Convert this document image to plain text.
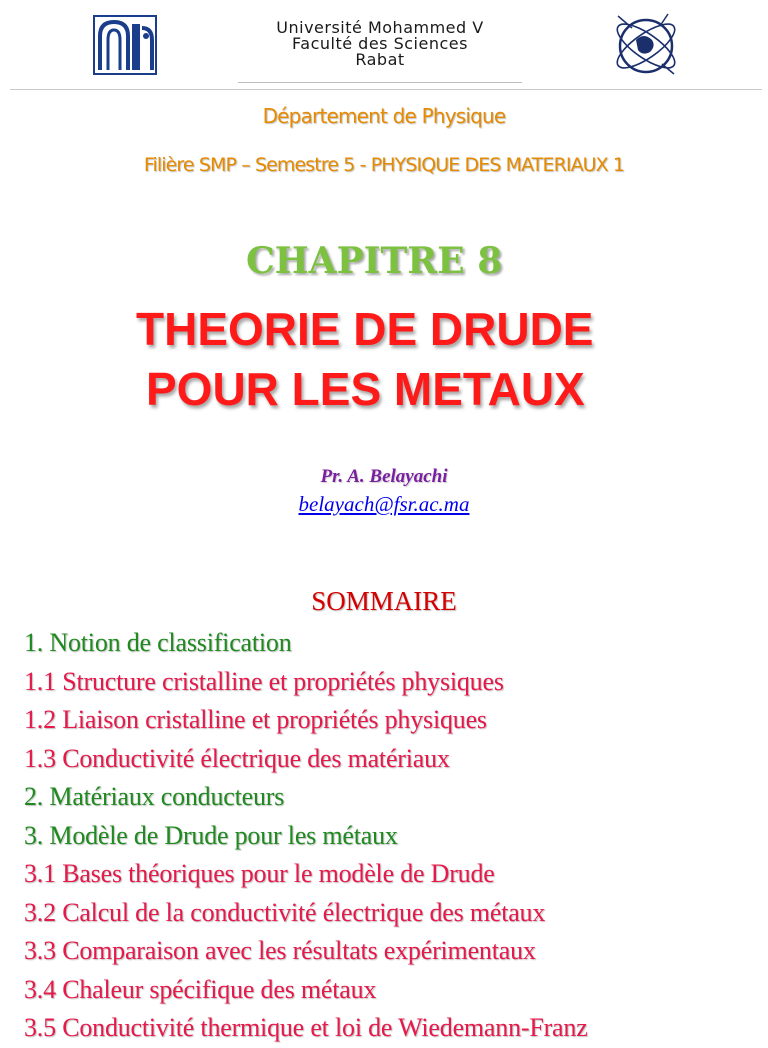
Université Mohammed V
Faculté des Sciences
Rabat
Département de Physique
Filière SMP – Semestre 5 - PHYSIQUE DES MATERIAUX 1
CHAPITRE 8
THEORIE DE DRUDE
POUR LES METAUX
Pr. A. Belayachi
belayach@fsr.ac.ma
SOMMAIRE
1. Notion de classification
1.1 Structure cristalline et propriétés physiques
1.2 Liaison cristalline et propriétés physiques
1.3 Conductivité électrique des matériaux
2. Matériaux conducteurs
3. Modèle de Drude pour les métaux
3.1 Bases théoriques pour le modèle de Drude
3.2 Calcul de la conductivité électrique des métaux
3.3 Comparaison avec les résultats expérimentaux
3.4 Chaleur spécifique des métaux
3.5 Conductivité thermique et loi de Wiedemann-Franz
